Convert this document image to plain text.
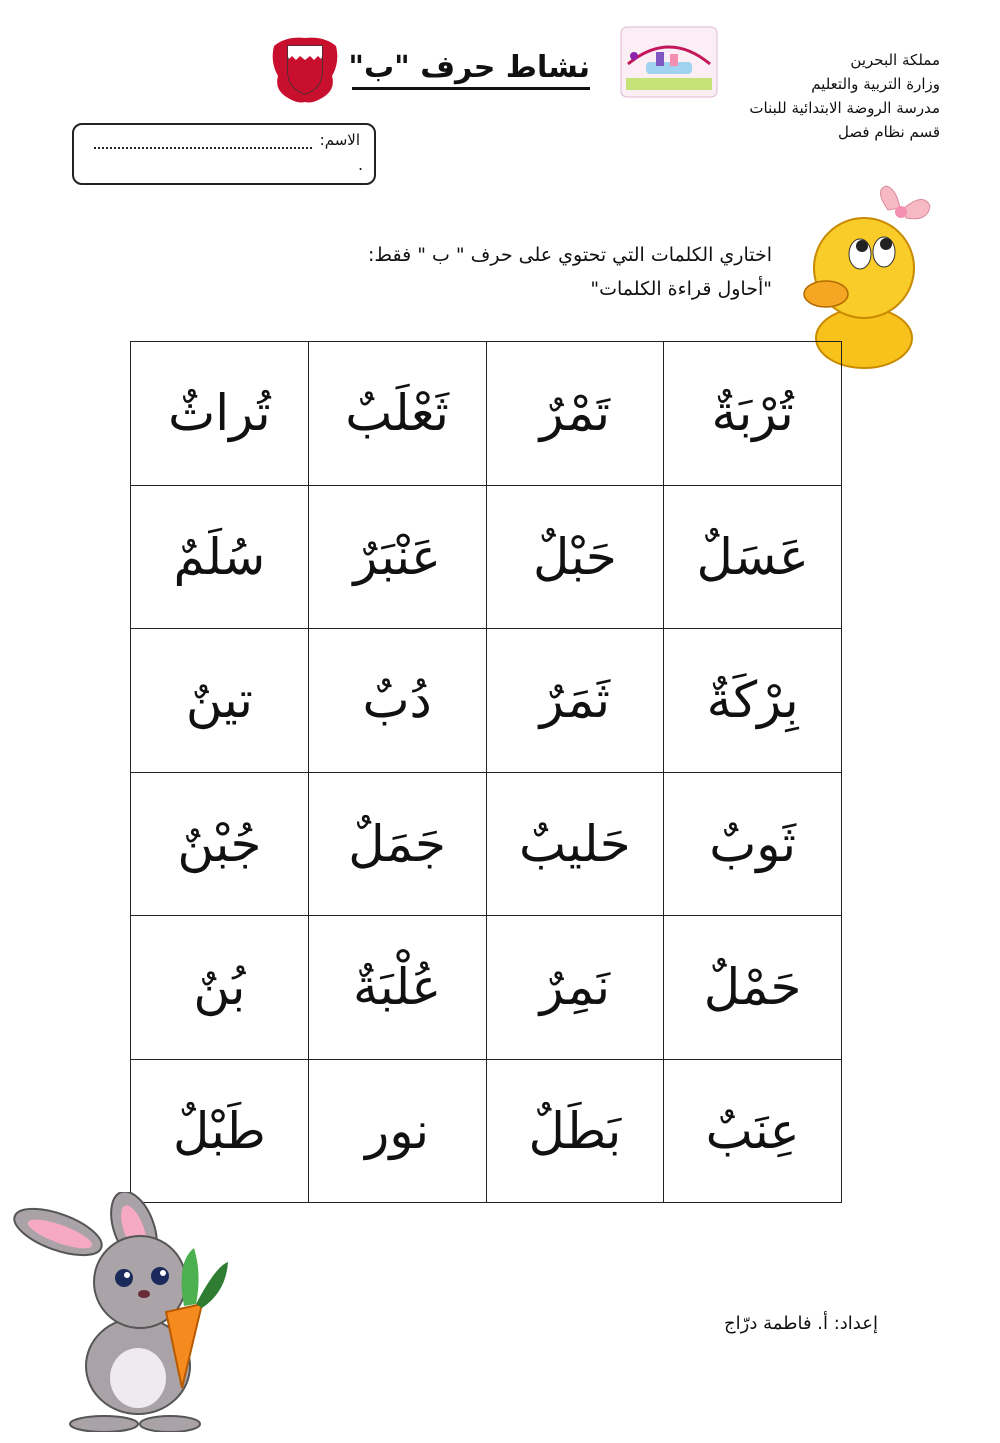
مملكة البحرين
وزارة التربية والتعليم
مدرسة الروضة الابتدائية للبنات
قسم نظام فصل
نشاط حرف "ب"
الاسم:
.
اختاري الكلمات التي تحتوي على حرف " ب " فقط:
"أحاول قراءة الكلمات"
تُرْبَةٌ
تَمْرٌ
ثَعْلَبٌ
تُراثٌ
عَسَلٌ
حَبْلٌ
عَنْبَرٌ
سُلَمٌ
بِرْكَةٌ
ثَمَرٌ
دُبٌ
تينٌ
ثَوبٌ
حَليبٌ
جَمَلٌ
جُبْنٌ
حَمْلٌ
نَمِرٌ
عُلْبَةٌ
بُنٌ
عِنَبٌ
بَطَلٌ
نور
طَبْلٌ
إعداد: أ. فاطمة درّاج
